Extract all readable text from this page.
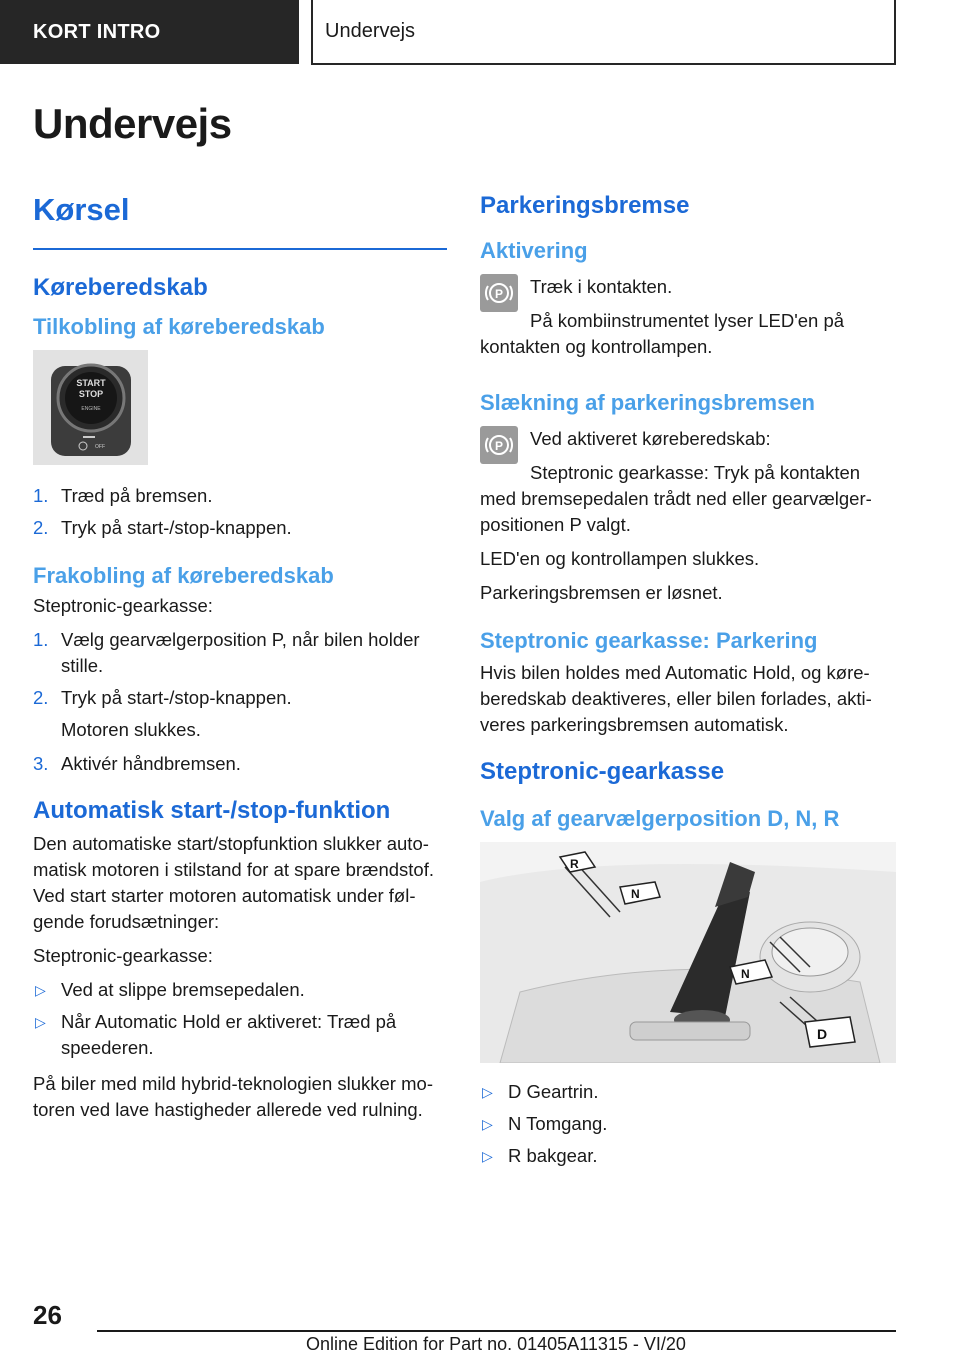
KORT INTRO	Undervejs
Undervejs
Kørsel
Køreberedskab
Tilkobling af køreberedskab
START
STOP
ENGINE
OFF
1. Træd på bremsen.
2. Tryk på start-/stop-knappen.
Frakobling af køreberedskab

Steptronic-gearkasse:

1. Vælg gearvælgerposition P, når bilen holder stille.
2. Tryk på start-/stop-knappen.

Motoren slukkes.

3. Aktivér håndbremsen.
Automatisk start-/stop-funktion

Den automatiske start/stopfunktion slukker automatisk motoren i stilstand for at spare brændstof. Ved start starter motoren automatisk under følgende forudsætninger:

Steptronic-gearkasse:

▷ Ved at slippe bremsepedalen.
▷ Når Automatic Hold er aktiveret: Træd på speederen.

På biler med mild hybrid-teknologien slukker motoren ved lave hastigheder allerede ved rulning.

Parkeringsbremse
Aktivering
P	Træk i kontakten.

På kombiinstrumentet lyser LED'en på kontakten og kontrollampen.

Slækning af parkeringsbremsen
P	Ved aktiveret køreberedskab:

Steptronic gearkasse: Tryk på kontakten med bremsepedalen trådt ned eller gearvælgerpositionen P valgt.

LED'en og kontrollampen slukkes.

Parkeringsbremsen er løsnet.

Steptronic gearkasse: Parkering

Hvis bilen holdes med Automatic Hold, og køreberedskab deaktiveres, eller bilen forlades, aktiveres parkeringsbremsen automatisk.

Steptronic-gearkasse
Valg af gearvælgerposition D, N, R
R
N
N
D
▷ D Geartrin.
▷ N Tomgang.
▷ R bakgear.
26
Online Edition for Part no. 01405A11315 - VI/20
